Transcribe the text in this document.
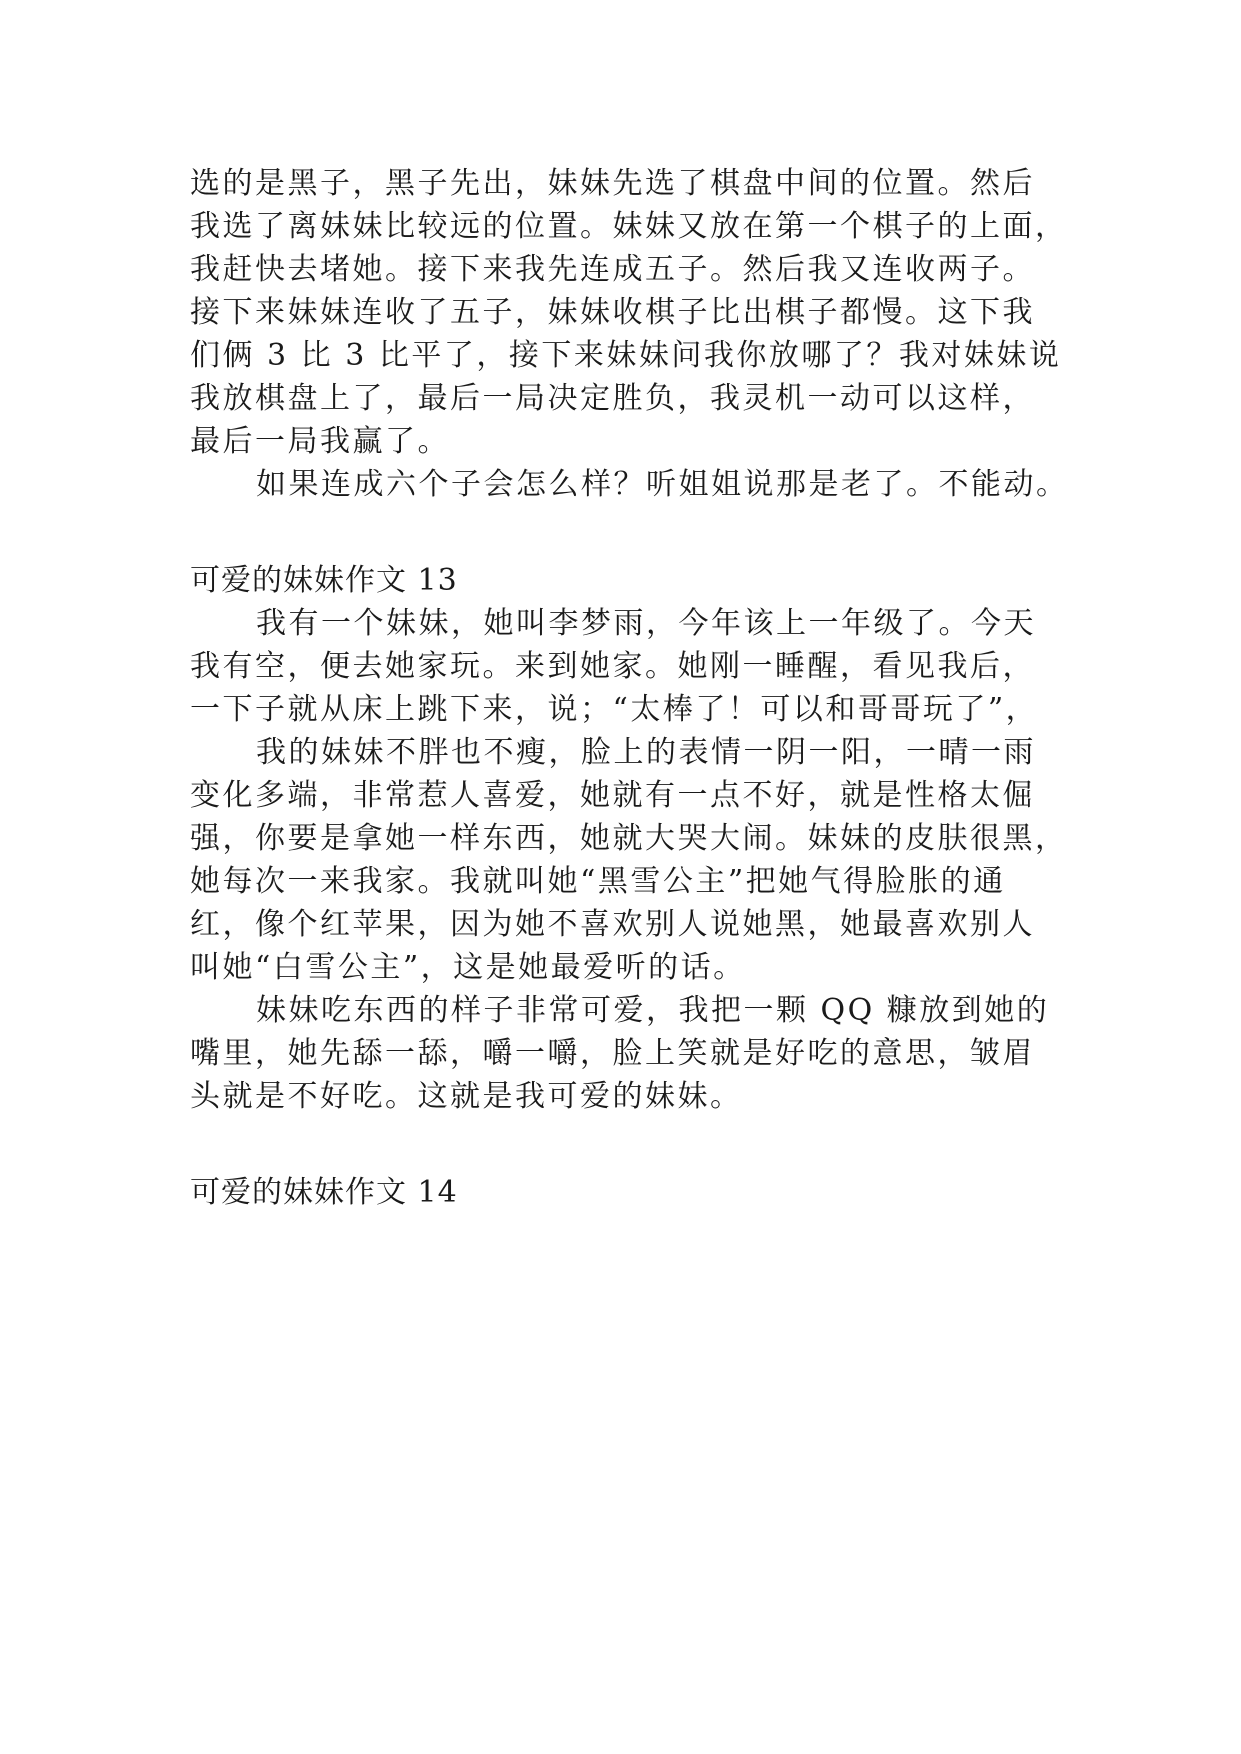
选的是黑子，黑子先出，妹妹先选了棋盘中间的位置。然后
我选了离妹妹比较远的位置。妹妹又放在第一个棋子的上面，
我赶快去堵她。接下来我先连成五子。然后我又连收两子。
接下来妹妹连收了五子，妹妹收棋子比出棋子都慢。这下我
们俩 3 比 3 比平了，接下来妹妹问我你放哪了？我对妹妹说
我放棋盘上了，最后一局决定胜负，我灵机一动可以这样，
最后一局我赢了。
如果连成六个子会怎么样？听姐姐说那是老了。不能动。
可爱的妹妹作文 13
我有一个妹妹，她叫李梦雨，今年该上一年级了。今天
我有空，便去她家玩。来到她家。她刚一睡醒，看见我后，
一下子就从床上跳下来，说；“太棒了！可以和哥哥玩了”，
我的妹妹不胖也不瘦，脸上的表情一阴一阳，一晴一雨
变化多端，非常惹人喜爱，她就有一点不好，就是性格太倔
强，你要是拿她一样东西，她就大哭大闹。妹妹的皮肤很黑，
她每次一来我家。我就叫她“黑雪公主”把她气得脸胀的通
红，像个红苹果，因为她不喜欢别人说她黑，她最喜欢别人
叫她“白雪公主”，这是她最爱听的话。
妹妹吃东西的样子非常可爱，我把一颗 QQ 糠放到她的
嘴里，她先舔一舔，嚼一嚼，脸上笑就是好吃的意思，皱眉
头就是不好吃。这就是我可爱的妹妹。
可爱的妹妹作文 14
